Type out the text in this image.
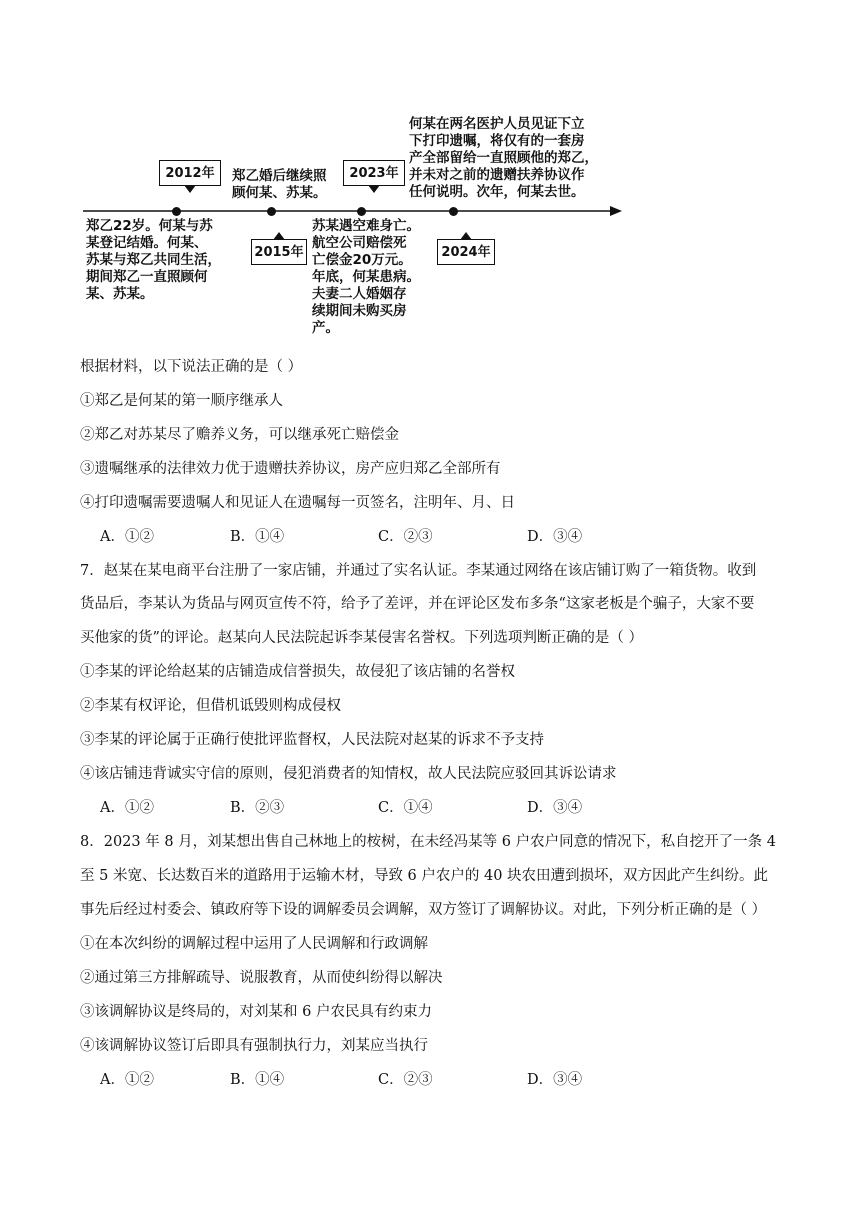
2012年
2015年
2023年
2024年
郑乙22岁。何某与苏
某登记结婚。何某、
苏某与郑乙共同生活，
期间郑乙一直照顾何
某、苏某。
郑乙婚后继续照
顾何某、苏某。
苏某遇空难身亡。
航空公司赔偿死
亡偿金20万元。
年底，何某患病。
夫妻二人婚姻存
续期间未购买房
产。
何某在两名医护人员见证下立
下打印遗嘱，将仅有的一套房
产全部留给一直照顾他的郑乙，
并未对之前的遗赠扶养协议作
任何说明。次年，何某去世。
根据材料，以下说法正确的是（ ）
①郑乙是何某的第一顺序继承人
②郑乙对苏某尽了赡养义务，可以继承死亡赔偿金
③遗嘱继承的法律效力优于遗赠扶养协议，房产应归郑乙全部所有
④打印遗嘱需要遗嘱人和见证人在遗嘱每一页签名，注明年、月、日
A．①②	B．①④	C．②③	D．③④
7．赵某在某电商平台注册了一家店铺，并通过了实名认证。李某通过网络在该店铺订购了一箱货物。收到
货品后，李某认为货品与网页宣传不符，给予了差评，并在评论区发布多条“这家老板是个骗子，大家不要
买他家的货”的评论。赵某向人民法院起诉李某侵害名誉权。下列选项判断正确的是（ ）
①李某的评论给赵某的店铺造成信誉损失，故侵犯了该店铺的名誉权
②李某有权评论，但借机诋毁则构成侵权
③李某的评论属于正确行使批评监督权，人民法院对赵某的诉求不予支持
④该店铺违背诚实守信的原则，侵犯消费者的知情权，故人民法院应驳回其诉讼请求
A．①②	B．②③	C．①④	D．③④
8．2023 年 8 月，刘某想出售自己林地上的桉树，在未经冯某等 6 户农户同意的情况下，私自挖开了一条 4
至 5 米宽、长达数百米的道路用于运输木材，导致 6 户农户的 40 块农田遭到损坏，双方因此产生纠纷。此
事先后经过村委会、镇政府等下设的调解委员会调解，双方签订了调解协议。对此，下列分析正确的是（ ）
①在本次纠纷的调解过程中运用了人民调解和行政调解
②通过第三方排解疏导、说服教育，从而使纠纷得以解决
③该调解协议是终局的，对刘某和 6 户农民具有约束力
④该调解协议签订后即具有强制执行力，刘某应当执行
A．①②	B．①④	C．②③	D．③④
